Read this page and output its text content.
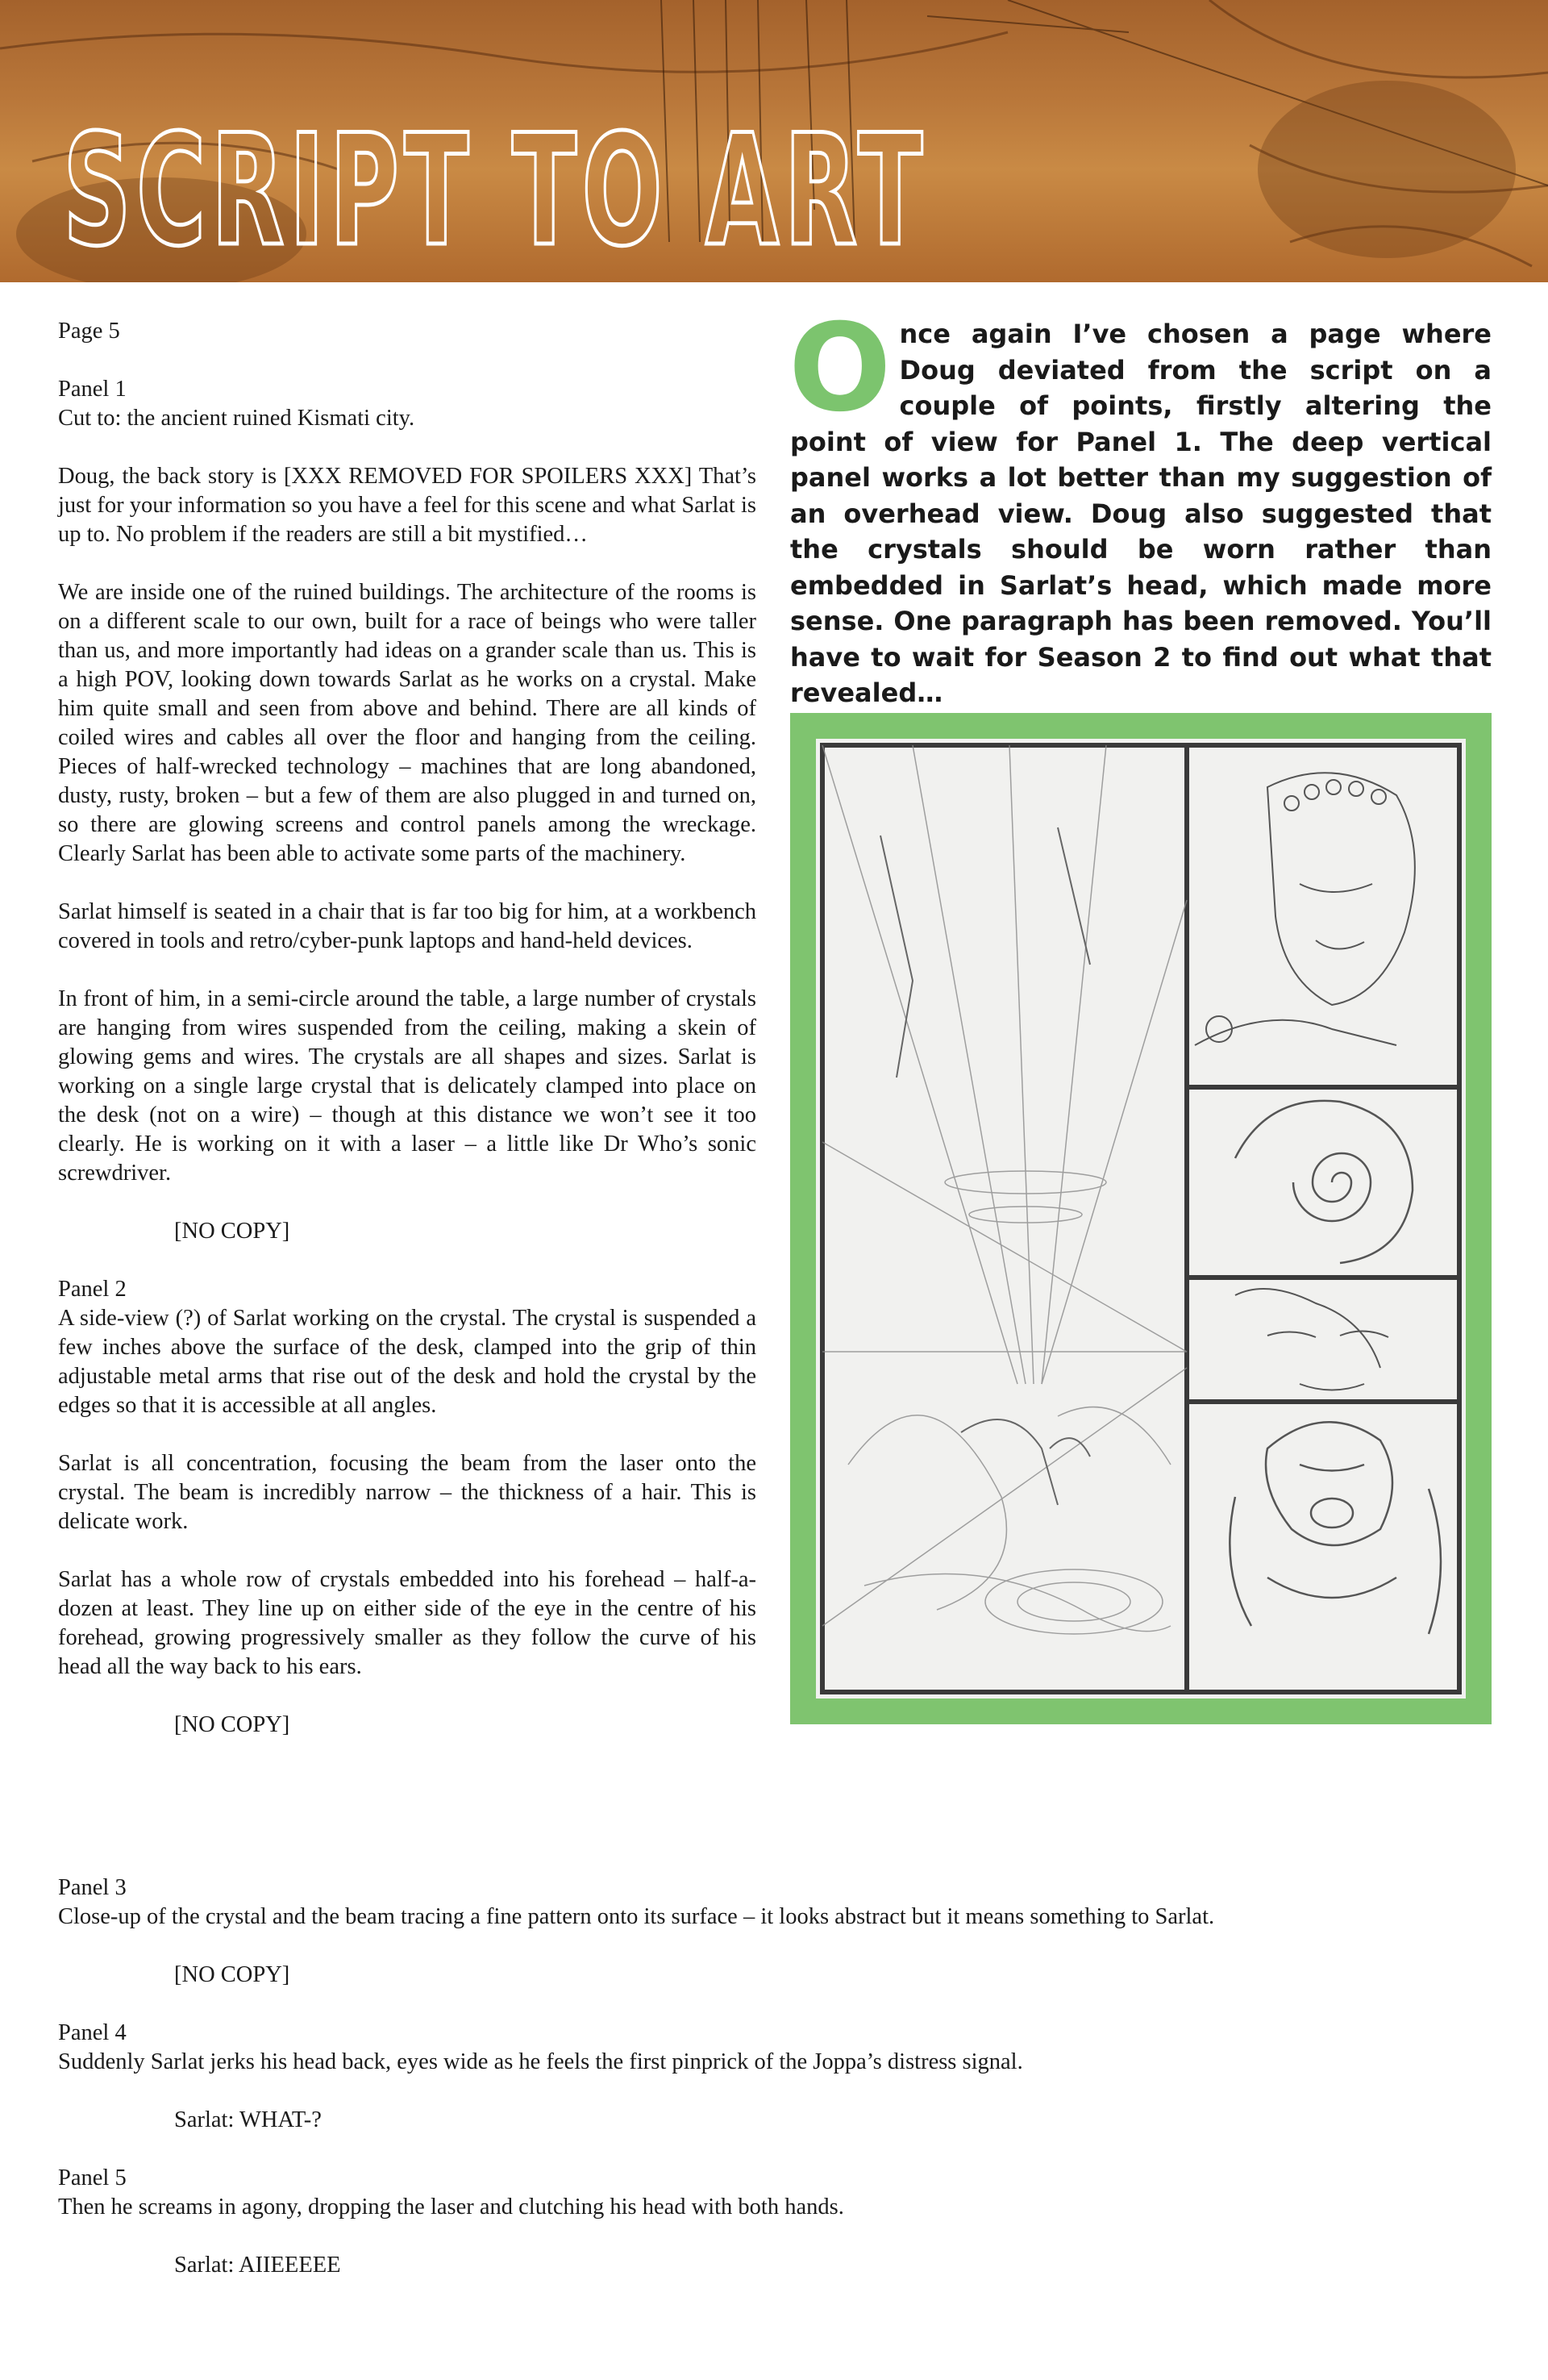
SCRIPT TO ART

Page 5

Panel 1
Cut to: the ancient ruined Kismati city.

Doug, the back story is [XXX REMOVED FOR SPOILERS XXX] That’s just for your information so you have a feel for this scene and what Sarlat is up to. No problem if the readers are still a bit mystified…

We are inside one of the ruined buildings. The architecture of the rooms is on a different scale to our own, built for a race of beings who were taller than us, and more importantly had ideas on a grander scale than us. This is a high POV, looking down towards Sarlat as he works on a crystal. Make him quite small and seen from above and behind. There are all kinds of coiled wires and cables all over the floor and hanging from the ceiling. Pieces of half-wrecked technology – machines that are long abandoned, dusty, rusty, broken – but a few of them are also plugged in and turned on, so there are glowing screens and control panels among the wreckage. Clearly Sarlat has been able to activate some parts of the machinery.

Sarlat himself is seated in a chair that is far too big for him, at a workbench covered in tools and retro/cyber-punk laptops and hand-held devices.

In front of him, in a semi-circle around the table, a large number of crystals are hanging from wires suspended from the ceiling, making a skein of glowing gems and wires. The crystals are all shapes and sizes. Sarlat is working on a single large crystal that is delicately clamped into place on the desk (not on a wire) – though at this distance we won’t see it too clearly. He is working on it with a laser – a little like Dr Who’s sonic screwdriver.

[NO COPY]

Panel 2
A side-view (?) of Sarlat working on the crystal. The crystal is suspended a few inches above the surface of the desk, clamped into the grip of thin adjustable metal arms that rise out of the desk and hold the crystal by the edges so that it is accessible at all angles.

Sarlat is all concentration, focusing the beam from the laser onto the crystal. The beam is incredibly narrow – the thickness of a hair. This is delicate work.

Sarlat has a whole row of crystals embedded into his forehead – half-a-dozen at least. They line up on either side of the eye in the centre of his forehead, growing progressively smaller as they follow the curve of his head all the way back to his ears.

[NO COPY]

Panel 3
Close-up of the crystal and the beam tracing a fine pattern onto its surface – it looks abstract but it means something to Sarlat.

[NO COPY]

Panel 4
Suddenly Sarlat jerks his head back, eyes wide as he feels the first pinprick of the Joppa’s distress signal.

Sarlat: WHAT-?

Panel 5
Then he screams in agony, dropping the laser and clutching his head with both hands.

Sarlat: AIIEEEEE

Once again I’ve chosen a page where Doug deviated from the script on a couple of points, firstly altering the point of view for Panel 1. The deep vertical panel works a lot better than my suggestion of an overhead view. Doug also suggested that the crystals should be worn rather than embedded in Sarlat’s head, which made more sense. One paragraph has been removed. You’ll have to wait for Season 2 to find out what that revealed…
